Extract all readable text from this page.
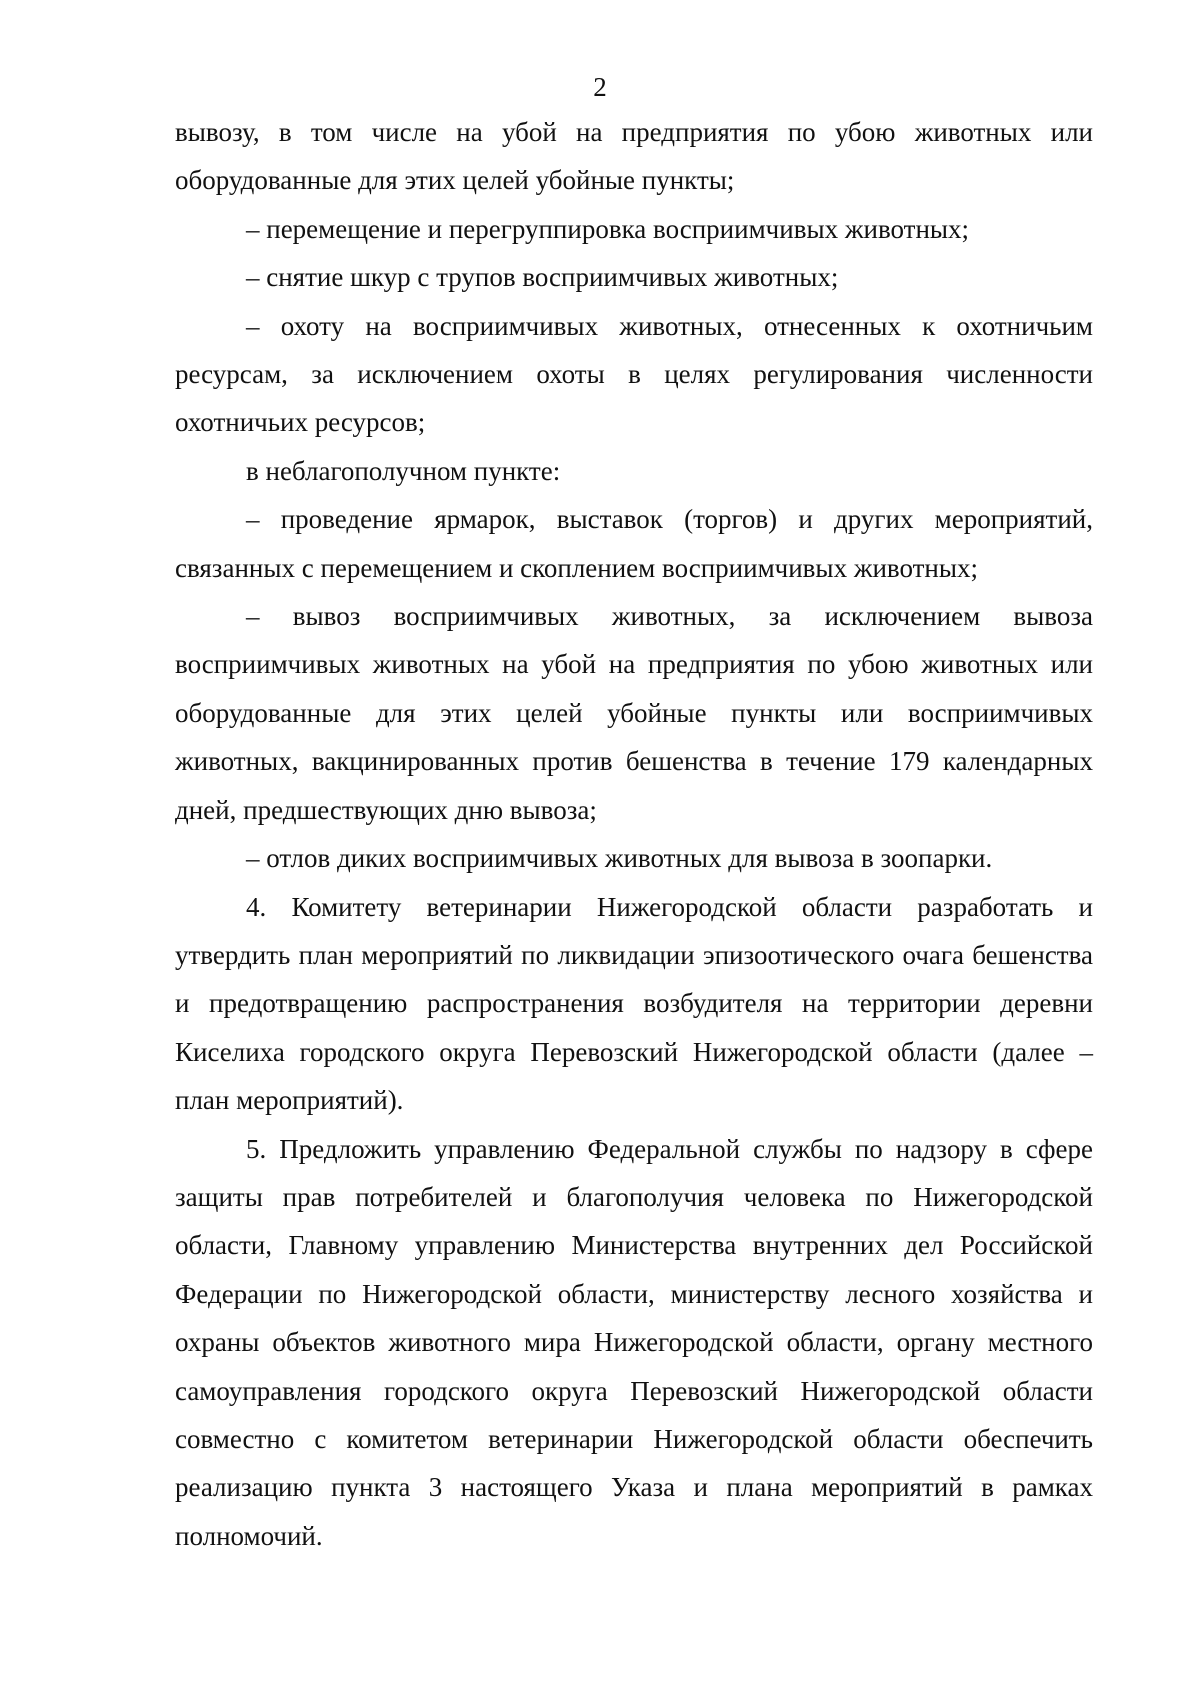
2

вывозу, в том числе на убой на предприятия по убою животных или оборудованные для этих целей убойные пункты;

– перемещение и перегруппировка восприимчивых животных;

– снятие шкур с трупов восприимчивых животных;

– охоту на восприимчивых животных, отнесенных к охотничьим ресурсам, за исключением охоты в целях регулирования численности охотничьих ресурсов;

в неблагополучном пункте:

– проведение ярмарок, выставок (торгов) и других мероприятий, связанных с перемещением и скоплением восприимчивых животных;

– вывоз восприимчивых животных, за исключением вывоза восприимчивых животных на убой на предприятия по убою животных или оборудованные для этих целей убойные пункты или восприимчивых животных, вакцинированных против бешенства в течение 179 календарных дней, предшествующих дню вывоза;

– отлов диких восприимчивых животных для вывоза в зоопарки.

4. Комитету ветеринарии Нижегородской области разработать и утвердить план мероприятий по ликвидации эпизоотического очага бешенства и предотвращению распространения возбудителя на территории деревни Киселиха городского округа Перевозский Нижегородской области (далее – план мероприятий).

5. Предложить управлению Федеральной службы по надзору в сфере защиты прав потребителей и благополучия человека по Нижегородской области, Главному управлению Министерства внутренних дел Российской Федерации по Нижегородской области, министерству лесного хозяйства и охраны объектов животного мира Нижегородской области, органу местного самоуправления городского округа Перевозский Нижегородской области совместно с комитетом ветеринарии Нижегородской области обеспечить реализацию пункта 3 настоящего Указа и плана мероприятий в рамках полномочий.
